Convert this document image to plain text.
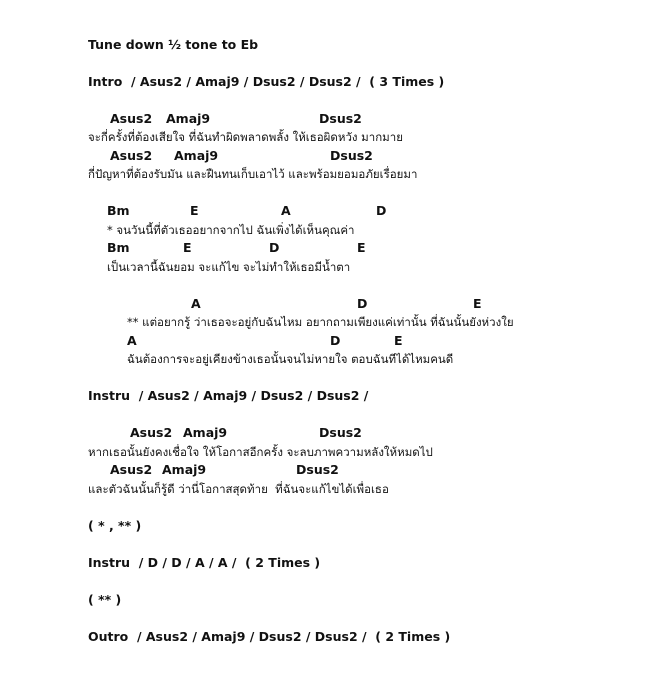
Tune down ½ tone to Eb
Intro  / Asus2 / Amaj9 / Dsus2 / Dsus2 /  ( 3 Times )
Asus2 Amaj9	Dsus2
จะกี่ครั้งที่ต้องเสียใจ ที่ฉันทำผิดพลาดพลั้ง ให้เธอผิดหวัง มากมาย
Asus2 Amaj9	Dsus2
กี่ปัญหาที่ต้องรับมัน และฝืนทนเก็บเอาไว้ และพร้อมยอมอภัยเรื่อยมา
Bm	E	A	D
* จนวันนี้ที่ตัวเธออยากจากไป ฉันเพิ่งได้เห็นคุณค่า
Bm	E	D	E
เป็นเวลานี้ฉันยอม จะแก้ไข จะไม่ทำให้เธอมีน้ำตา
A	D	E
** แต่อยากรู้ ว่าเธอจะอยู่กับฉันไหม อยากถามเพียงแค่เท่านั้น ที่ฉันนั้นยังห่วงใย
A	D	E
ฉันต้องการจะอยู่เคียงข้างเธอนั้นจนไม่หายใจ ตอบฉันทีได้ไหมคนดี
Instru  / Asus2 / Amaj9 / Dsus2 / Dsus2 /
Asus2 Amaj9	Dsus2
หากเธอนั้นยังคงเชื่อใจ ให้โอกาสอีกครั้ง จะลบภาพความหลังให้หมดไป
Asus2 Amaj9	Dsus2
และตัวฉันนั้นก็รู้ดี ว่านี่โอกาสสุดท้าย  ที่ฉันจะแก้ไขได้เพื่อเธอ
( * , ** )
Instru  / D / D / A / A /  ( 2 Times )
( ** )
Outro  / Asus2 / Amaj9 / Dsus2 / Dsus2 /  ( 2 Times )
